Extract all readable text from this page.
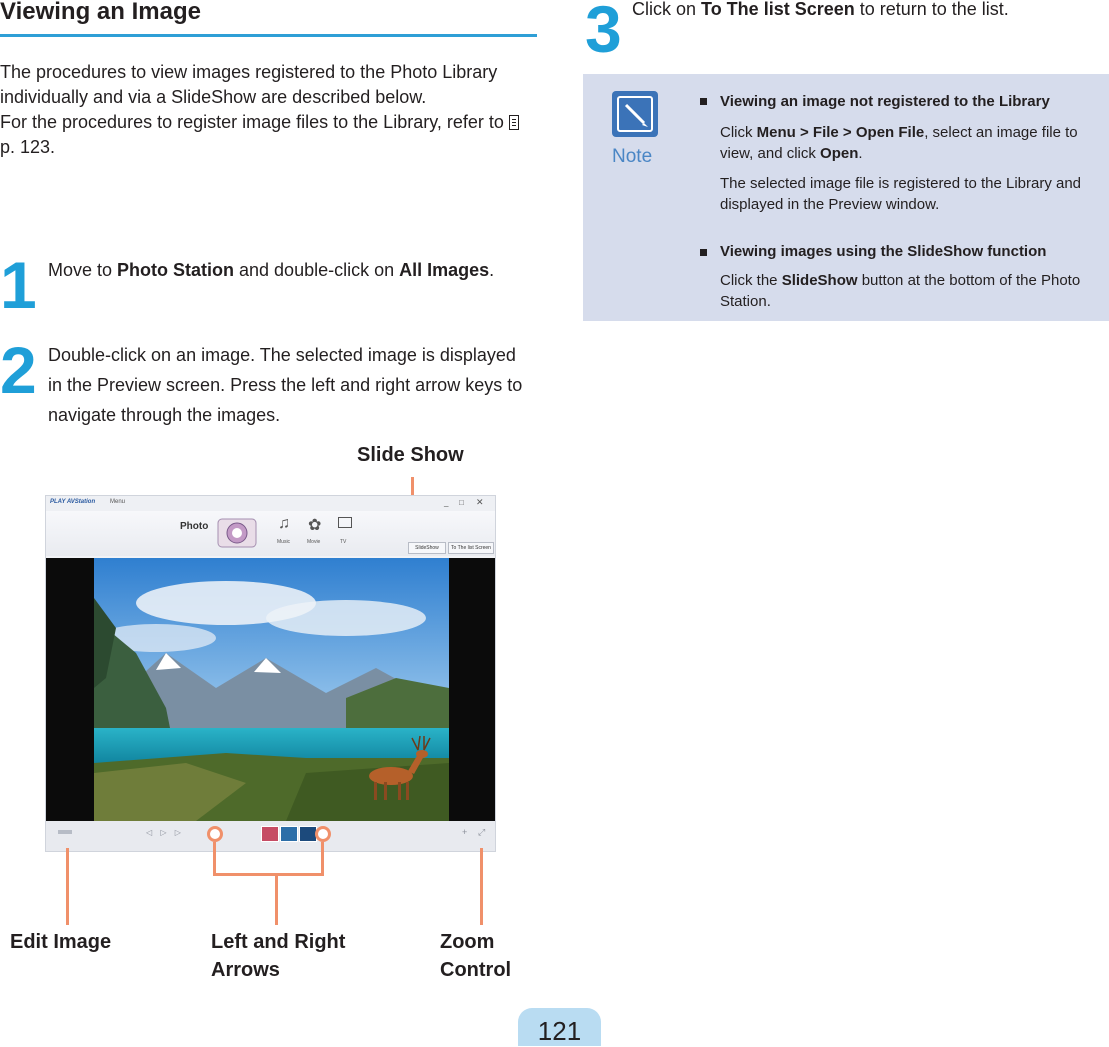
Viewing an Image

The procedures to view images registered to the Photo Library individually and via a SlideShow are described below.

For the procedures to register image files to the Library, refer to p. 123.

1 Move to Photo Station and double-click on All Images.
2 Double-click on an image. The selected image is displayed in the Preview screen. Press the left and right arrow keys to navigate through the images.
3 Click on To The list Screen to return to the list.
Slide Show
PLAY AVStation Menu	_ □ ✕
Photo	♫
Music
✿
Movie	TV
SlideShow	To The list Screen
◁ ▷ ▷	+ ⤢
Edit Image	Left and Right Arrows
Zoom Control
Note
Viewing an image not registered to the Library
Click Menu > File > Open File, select an image file to view, and click Open.
The selected image file is registered to the Library and displayed in the Preview window.
Viewing images using the SlideShow function
Click the SlideShow button at the bottom of the Photo Station.
121
